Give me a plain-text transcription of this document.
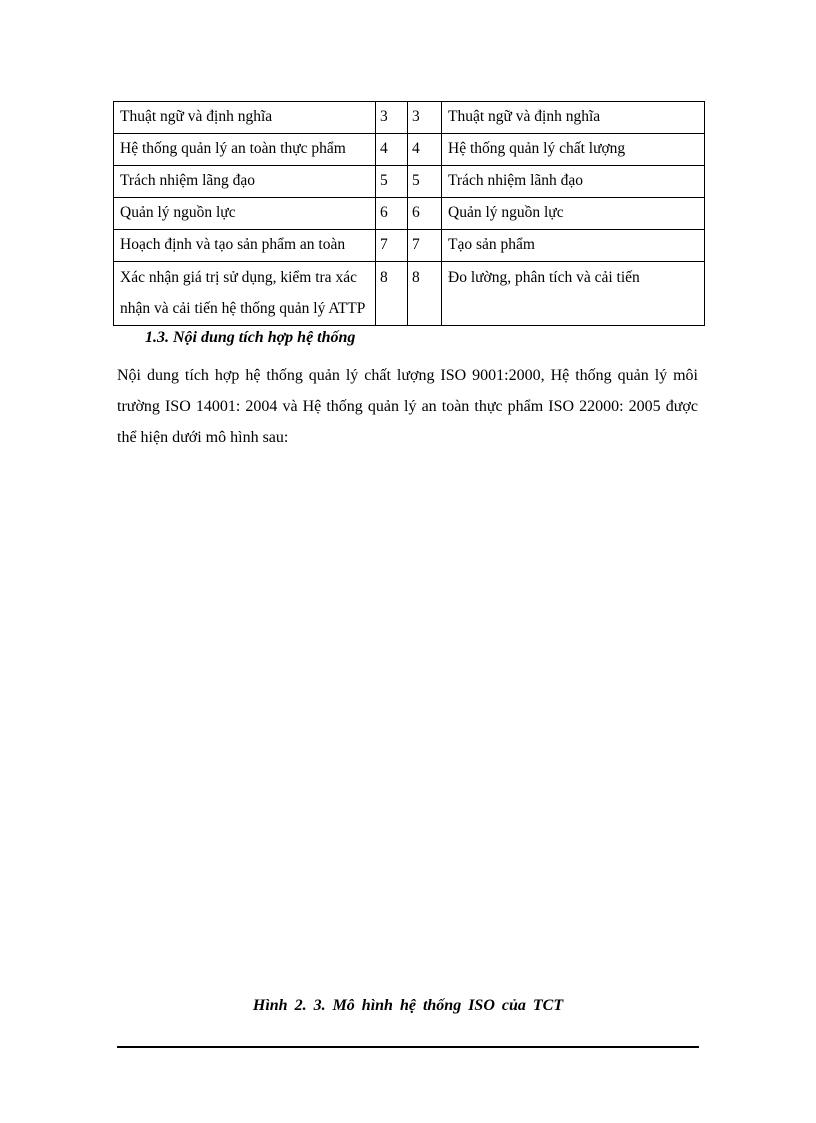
Thuật ngữ và định nghĩa	3	3	Thuật ngữ và định nghĩa
Hệ thống quản lý an toàn thực phẩm	4	4	Hệ thống quản lý chất lượng
Trách nhiệm lãng đạo	5	5	Trách nhiệm lãnh đạo
Quản lý nguồn lực	6	6	Quản lý nguồn lực
Hoạch định và tạo sản phẩm an toàn	7	7	Tạo sản phẩm

Xác nhận giá trị sử dụng, kiểm tra xác
nhận và cải tiến hệ thống quản lý ATTP	8	8	Đo lường, phân tích và cải tiến
1.3. Nội dung tích hợp hệ thống

Nội dung tích hợp hệ thống quản lý chất lượng ISO 9001:2000, Hệ thống quản lý môi trường ISO 14001: 2004 và Hệ thống quản lý an toàn thực phẩm ISO 22000: 2005 được thể hiện dưới mô hình sau:

Hình 2. 3. Mô hình hệ thống ISO của TCT
